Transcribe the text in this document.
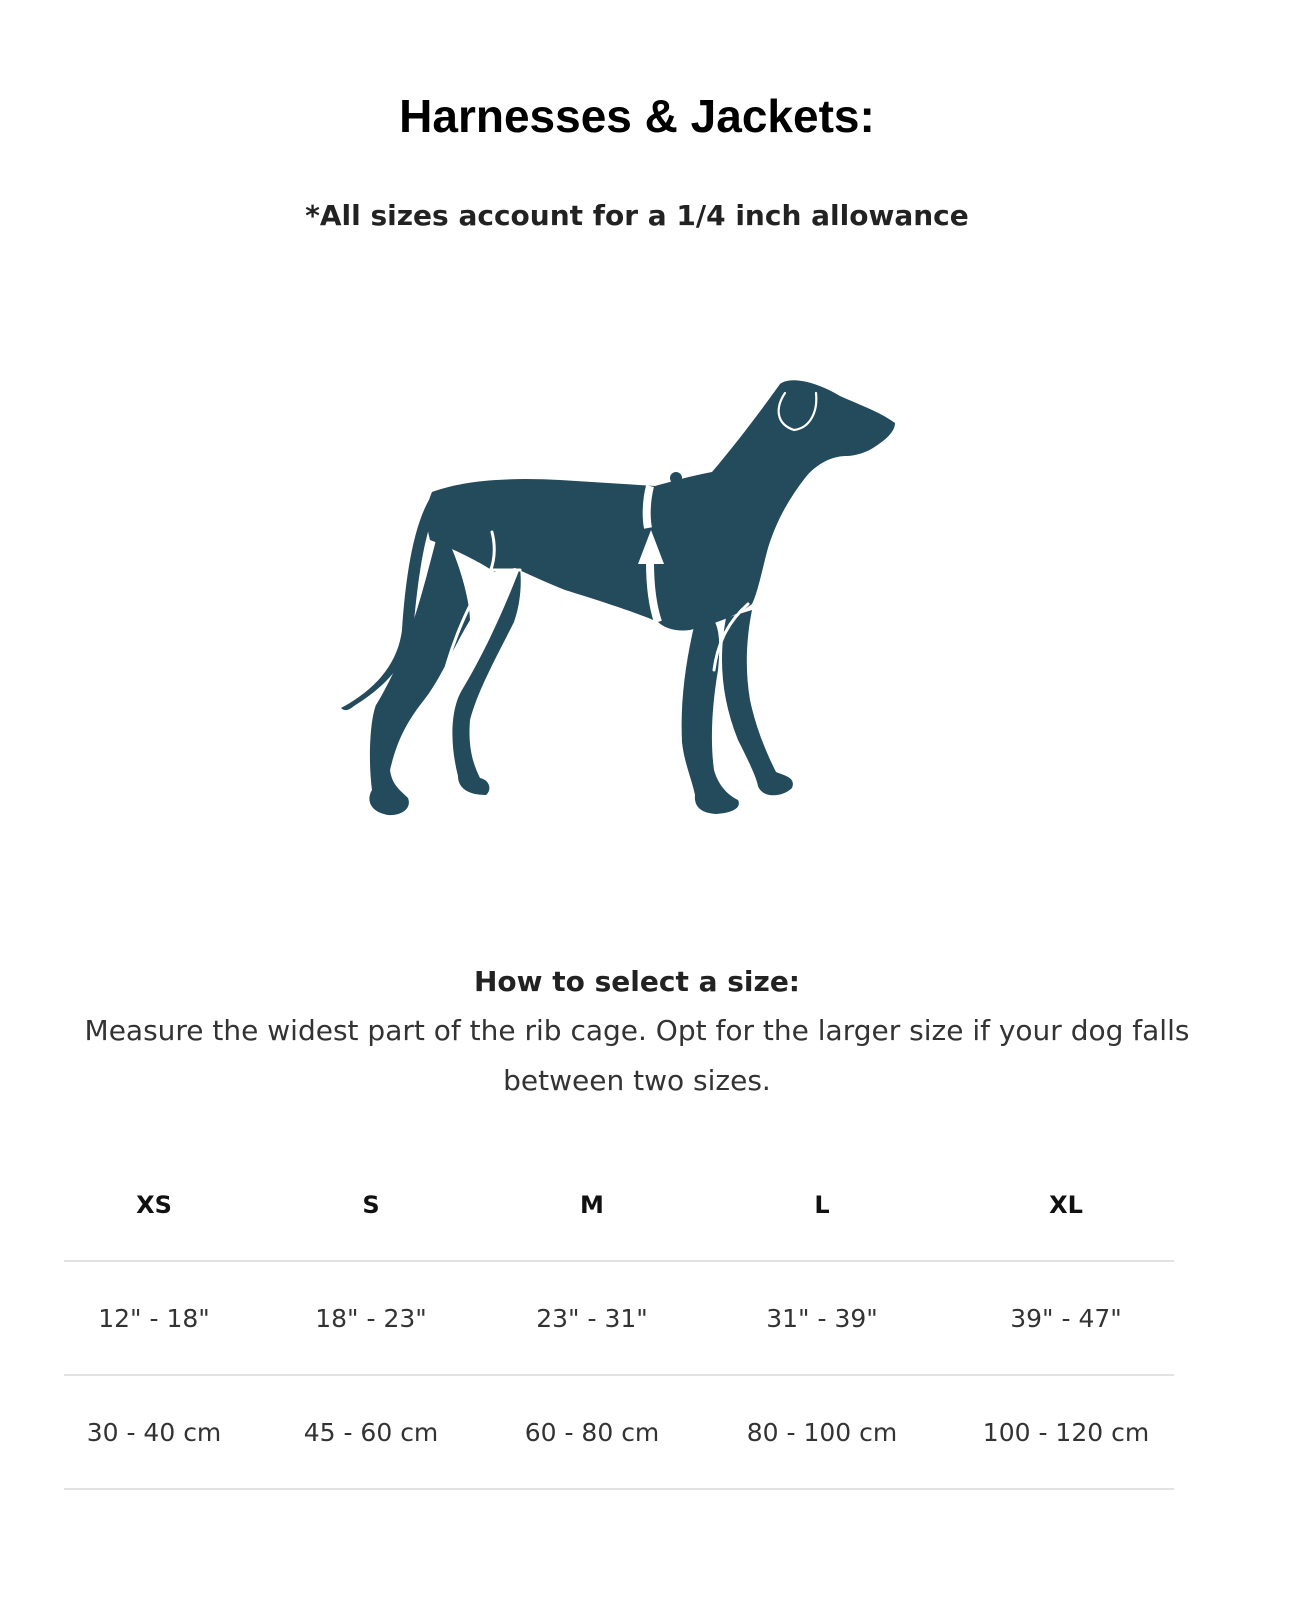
Harnesses & Jackets:

*All sizes account for a 1/4 inch allowance

How to select a size:

Measure the widest part of the rib cage. Opt for the larger size if your dog falls between two sizes.

XS	S	M	L	XL
12" - 18"	18" - 23"	23" - 31"	31" - 39"	39" - 47"
30 - 40 cm	45 - 60 cm	60 - 80 cm	80 - 100 cm	100 - 120 cm
